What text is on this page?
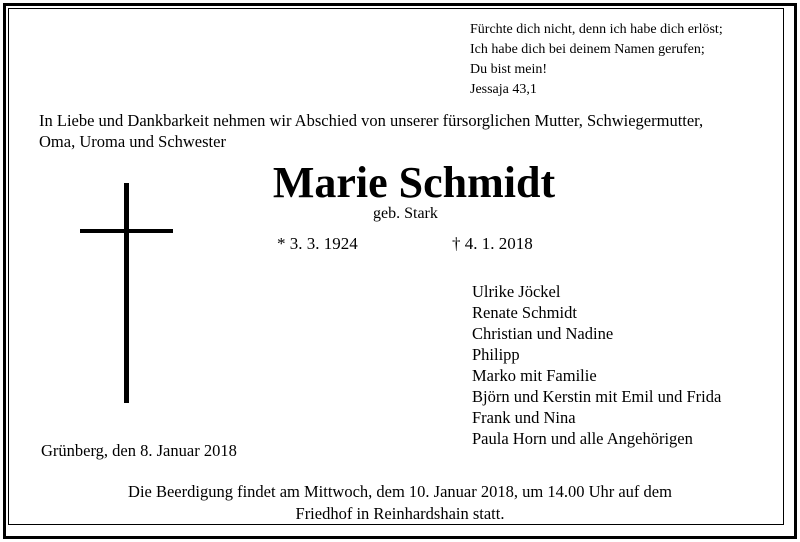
Fürchte dich nicht, denn ich habe dich erlöst;
Ich habe dich bei deinem Namen gerufen;
Du bist mein!
Jessaja 43,1
In Liebe und Dankbarkeit nehmen wir Abschied von unserer fürsorglichen Mutter, Schwiegermutter,
Oma, Uroma und Schwester
Marie Schmidt
geb. Stark
* 3. 3. 1924	† 4. 1. 2018
Ulrike Jöckel
Renate Schmidt
Christian und Nadine
Philipp
Marko mit Familie
Björn und Kerstin mit Emil und Frida
Frank und Nina
Paula Horn und alle Angehörigen
Grünberg, den 8. Januar 2018
Die Beerdigung findet am Mittwoch, dem 10. Januar 2018, um 14.00 Uhr auf dem
Friedhof in Reinhardshain statt.
